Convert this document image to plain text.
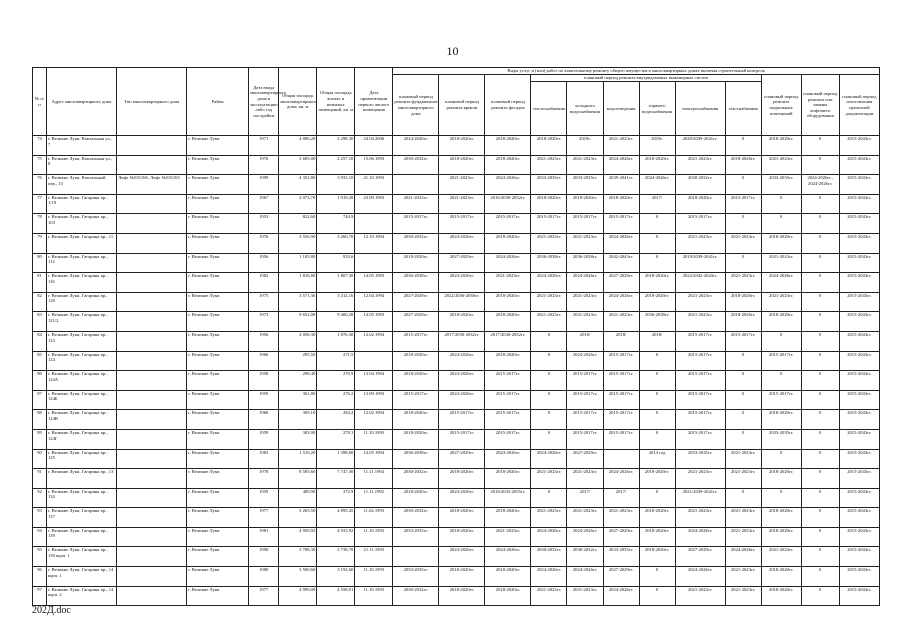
10
№ п/п	Адрес многоквартирного дома	Тип многоквартирного дома	Район	Дата ввода многоквартирного дома в эксплуатацию либо год постройки	Общая площадь многоквартирного дома, кв. м	Общая площадь жилых и нежилых помещений, кв. м	Дата приватизации первого жилого помещения	Виды услуг и (или) работ по капитальному ремонту общего имущества в многоквартирных домах включая строительный контроль											
								плановый период ремонта фундаментов многоквартирного дома	плановый период ремонта крыши	плановый период ремонта фасадов	плановый период ремонта внутридомовых инженерных систем						плановый период ремонта подвальных помещений	плановый период ремонта или замены лифтового оборудования	плановый период изготовления проектной документации
											теплоснабжения	холодного водоснабжения	водоотведения	горячего водоснабжения	электроснабжения	газоснабжения			
74	г. Великие Луки, Вокзальная ул., 7		г. Великие Луки	1971	4 006,20	2 298,30	24.04.2006	2024-2026гг.	2018-2020гг.	2018-2020гг.	2018-2020гг.	2019г.	2021-2023гг.	2019г.	2020/2039-2041гг.	0	2018-2020гг.	0	2015-2043гг.
75	г. Великие Луки, Вокзальная ул., 8		г. Великие Луки	1976	3 685,00	2 257,10	15.06.1993	2030-2032гг.	2018-2020гг.	2018-2020гг.	2021-2023гг.	2021-2023гг.	2024-2026гг.	2018-2020гг.	2021-2023гг.	2018-2020гг.	2021-2023гг.	0	2015-2043гг.
76	г. Великие Луки, Вокзальный пер., 13	Лифт №031166, Лифт №031165	г. Великие Луки	1999	4 352,80	3 933,10	21.10.1993		2021-2023гг.	2024-2026гг.	2033-2035гг.	2033-2035гг.	2039-2041гг.	2024-2026гг.	2030-2032гг.	0	2033-2035гг.	2024-2026гг., 2024-2026гг.	2015-2043гг.
77	г. Великие Луки, Гагарина пр., 1/19		г. Великие Луки	1967	2 073,70	1 919,20	23.09.1993	2021-2023гг.	2021-2023гг.	2016/2030-2032гг.	2018-2020гг.	2018-2020гг.	2018-2020гг.	2017/	2018-2020гг.	2015-2017гг.	0	0	2015-2043гг.
78	г. Великие Луки, Гагарина пр., 103		г. Великие Луки	1953	822,60	744,9		2015-2017гг.	2015-2017гг.	2015-2017гг.	2015-2017гг.	2015-2017гг.	2015-2017гг.	0	2015-2017гг.	0	0	0	2015-2043гг.
79	г. Великие Луки, Гагарина пр., 11		г. Великие Луки	1976	3 556,90	3 260,70	12.10.1994	2030-2032гг.	2024-2026гг.	2018-2020гг.	2021-2023гг.	2021-2023гг.	2024-2026гг.	0	2021-2023гг.	2021-2023гг.	2018-2020гг.	0	2015-2043гг.
80	г. Великие Луки, Гагарина пр., 112		г. Великие Луки	1956	1 105,80	933,6		2018-2020гг.	2027-2029гг.	2024-2026гг.	2036-2038гг.	2036-2038гг.	2042-2043гг.	0	2019/2039-2041гг.	0	2021-2023гг.	0	2015-2043гг.
81	г. Великие Луки, Гагарина пр., 116		г. Великие Луки	1982	1 816,80	1 807,30	14.05.1995	2036-2038гг.	2024-2026гг.	2021-2023гг.	2024-2026гг.	2024-2026гг.	2027-2029гг.	2018-2020гг.	2022/2042-2043гг.	2021-2023гг.	2024-2026гг.	0	2015-2043гг.
82	г. Великие Луки, Гагарина пр., 120		г. Великие Луки	1975	3 571,36	3 312,16	12.04.1994	2027-2029гг.	2022/2036-2038гг.	2018-2020гг.	2021-2023гг.	2021-2023гг.	2024-2026гг.	2018-2020гг.	2021-2023гг.	2018-2020гг.	2021-2023гг.	0	2015-2043гг.
83	г. Великие Луки, Гагарина пр., 121/2		г. Великие Луки	1973	9 652,08	9 400,28	14.05.1993	2027-2029гг.	2018-2020гг.	2018-2020гг.	2021-2023гг.	2021-2023гг.	2021-2023гг.	2036-2038гг.	2021-2023гг.	2018-2020гг.	2018-2020гг.	0	2015-2043гг.
84	г. Великие Луки, Гагарина пр., 123		г. Великие Луки	1956	2 056,30	1 876,30	12.02.1994	2015-2017гг.	2017/2030-2032гг.	2017/2030-2032гг.	0	2018/	2018/	2018/	2015-2017гг.	2015-2017гг.	0	0	2015-2043гг.
85	г. Великие Луки, Гагарина пр., 124		г. Великие Луки	1960	295,50	271,5		2018-2020гг.	2024-2026гг.	2018-2020гг.	0	2024-2026гг.	2015-2017гг.	0	2015-2017гг.	0	2015-2017гг.	0	2015-2043гг.
86	г. Великие Луки, Гагарина пр., 124А		г. Великие Луки	1958	298,40	270,9	13.04.1994	2018-2020гг.	2024-2026гг.	2015-2017гг.	0	2015-2017гг.	2015-2017гг.	0	2015-2017гг.	0	0	0	2015-2043гг.
87	г. Великие Луки, Гагарина пр., 124Б		г. Великие Луки	1959	301,80	276,2	13.09.1993	2015-2017гг.	2024-2026гг.	2015-2017гг.	0	2015-2017гг.	2015-2017гг.	0	2015-2017гг.	0	2015-2017гг.	0	2015-2043гг.
88	г. Великие Луки, Гагарина пр., 124В		г. Великие Луки	1960	309,10	284,2	12.02.1994	2018-2020гг.	2015-2017гг.	2015-2017гг.	0	2015-2017гг.	2015-2017гг.	0	2015-2017гг.	0	2018-2020гг.	0	2015-2043гг.
89	г. Великие Луки, Гагарина пр., 124Г		г. Великие Луки	1959	303,90	278,1	11.10.1993	2018-2020гг.	2015-2017гг.	2015-2017гг.	0	2015-2017гг.	2015-2017гг.	0	2015-2017гг.	0	2033-2035гг.	0	2015-2043гг.
90	г. Великие Луки, Гагарина пр., 125		г. Великие Луки	1983	1 510,20	1 398,60	14.05.1994	2036-2038гг.	2027-2029гг.	2024-2026гг.	2024-2026гг.	2027-2029гг.		2014 год	2033-2035гг.	2021-2023гг.	0	0	2015-2043гг.
91	г. Великие Луки, Гагарина пр., 13		г. Великие Луки	1978	8 585,60	7 747,30	11.11.1994	2030-2032гг.	2018-2020гг.	2018-2020гг.	2021-2023гг.	2021-2023гг.	2024-2026гг.	2018-2020гг.	2021-2023гг.	2021-2023гг.	2018-2020гг.	0	2015-2043гг.
92	г. Великие Луки, Гагарина пр., 132		г. Великие Луки	1959	400,90	372,9	11.11.1992	2018-2020гг.	2024-2026гг.	2018/2033-2035гг.	0	2017/	2017/	0	2021/2039-2041гг.	0	0	0	2015-2043гг.
93	г. Великие Луки, Гагарина пр., 137		г. Великие Луки	1977	5 263,50	4 895,45	11.02.1993	2030-2032гг.	2018-2020гг.	2018-2020гг.	2021-2023гг.	2021-2023гг.	2021-2023гг.	2018-2020гг.	2021-2023гг.	2021-2023гг.	2018-2020гг.	0	2015-2043гг.
94	г. Великие Луки, Гагарина пр., 139		г. Великие Луки	1981	4 950,92	4 933,92	11.10.1993	2033-2035гг.	2018-2020гг.	2021-2023гг.	2024-2026гг.	2024-2026гг.	2027-2029гг.	2018-2020гг.	2024-2026гг.	2021-2023гг.	2018-2020гг.	0	2015-2043гг.
95	г. Великие Луки, Гагарина пр., 139 корп. 1		г. Великие Луки	1990	3 788,30	3 738,70	21.11.1993		2024-2026гг.	2024-2026гг.	2030-2032гг.	2030-2032гг.	2033-2035гг.	2018-2020гг.	2027-2029гг.	2024-2026гг.	2021-2023гг.	0	2015-2043гг.
96	г. Великие Луки, Гагарина пр., 14 корп. 1		г. Великие Луки	1980	3 500,60	3 192,60	11.10.1993	2033-2035гг.	2018-2020гг.	2018-2020гг.	2024-2026гг.	2024-2026гг.	2027-2029гг.	0	2024-2026гг.	2021-2023гг.	2018-2020гг.	0	2015-2043гг.
97	г. Великие Луки, Гагарина пр., 14 корп. 2		г. Великие Луки	1977	4 999,09	4 558,01	11.10.1993	2030-2032гг.	2018-2020гг.	2018-2020гг.	2021-2023гг.	2021-2023гг.	2024-2026гг.	0	2021-2023гг.	2021-2023гг.	2018-2020гг.	0	2015-2043гг.
202Д.doc
